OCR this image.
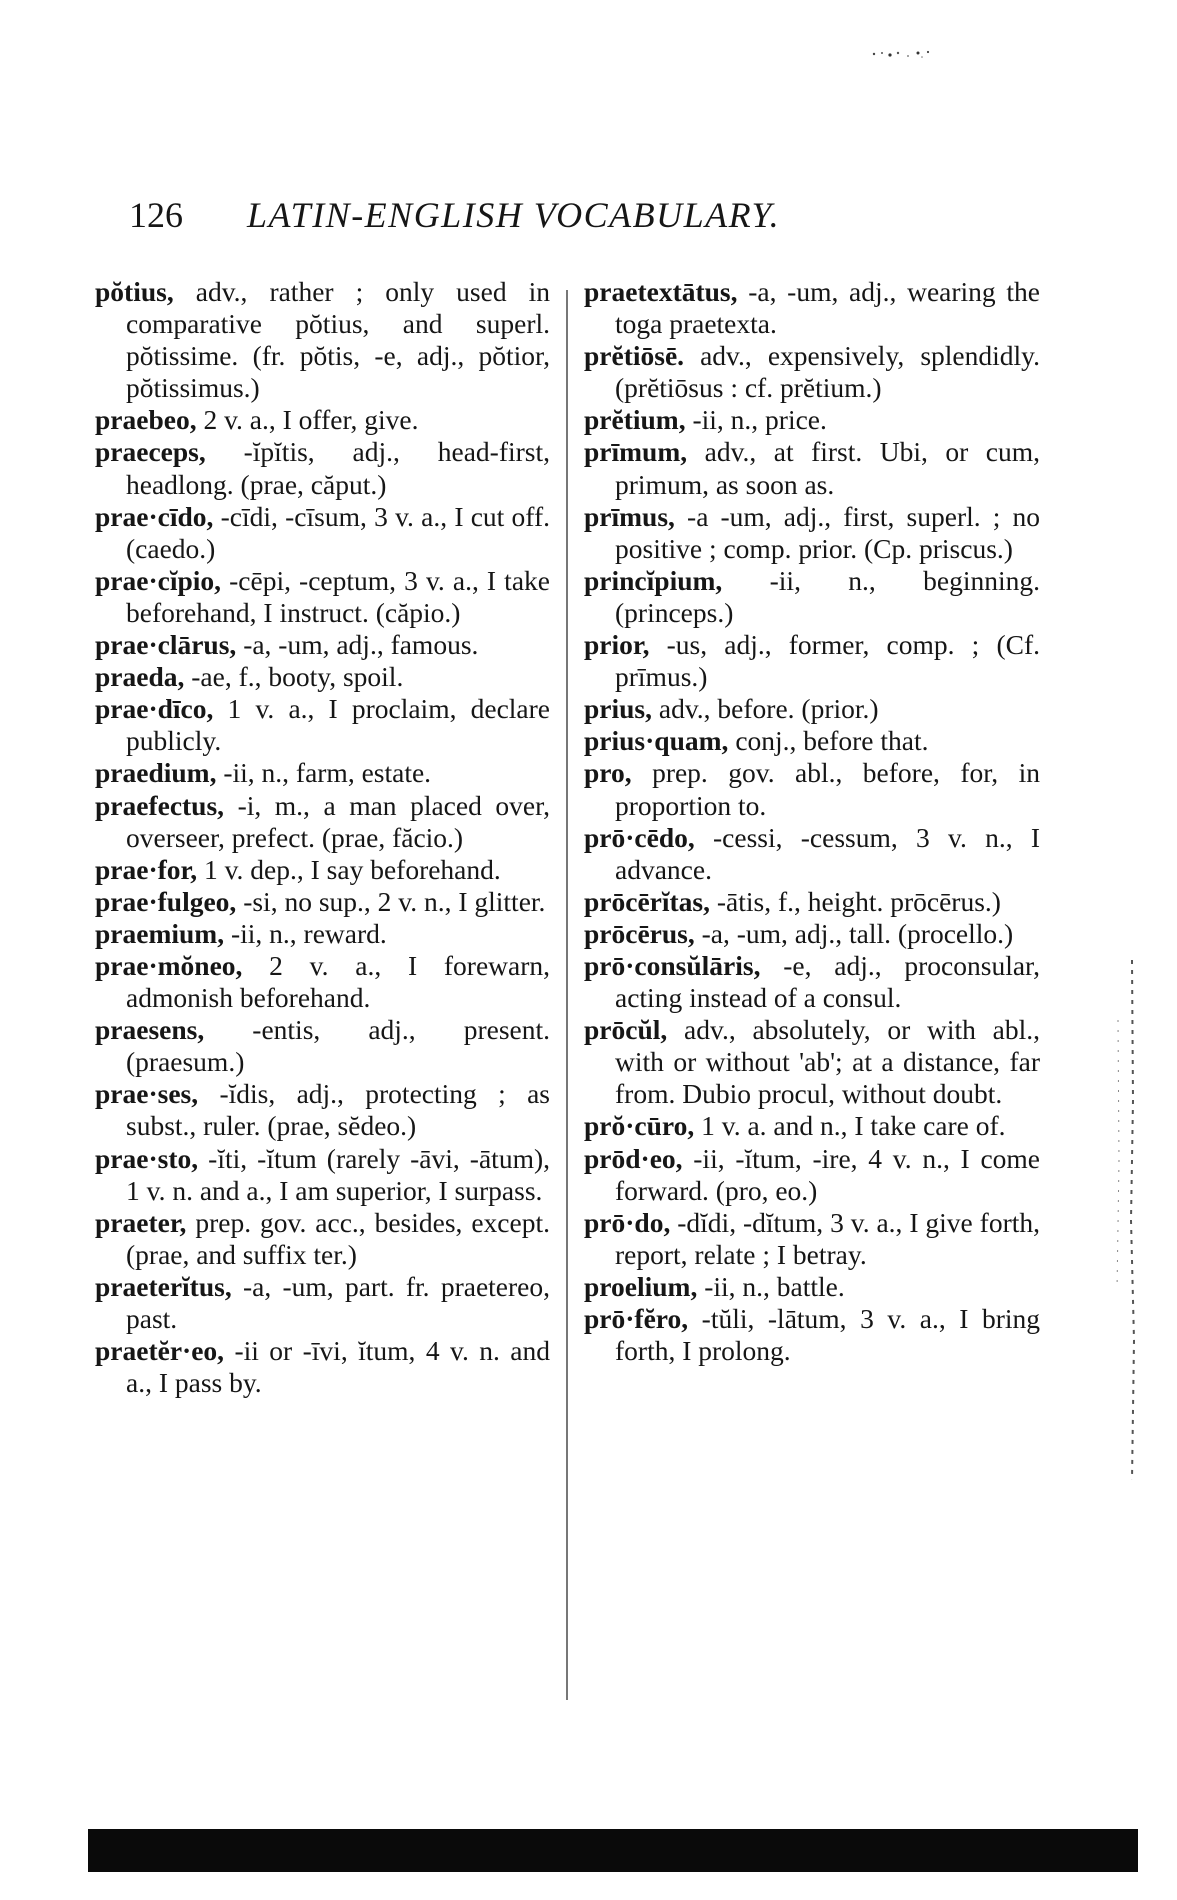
126 LATIN-ENGLISH VOCABULARY.

pŏtius, adv., rather ; only used in comparative pŏtius, and superl. pŏtissime. (fr. pŏtis, -e, adj., pŏtior, pŏtissimus.)

praebeo, 2 v. a., I offer, give.

praeceps, -ĭpĭtis, adj., head-first, headlong. (prae, căput.)

prae·cīdo, -cīdi, -cīsum, 3 v. a., I cut off. (caedo.)

prae·cĭpio, -cēpi, -ceptum, 3 v. a., I take beforehand, I instruct. (căpio.)

prae·clārus, -a, -um, adj., famous.

praeda, -ae, f., booty, spoil.

prae·dīco, 1 v. a., I proclaim, declare publicly.

praedium, -ii, n., farm, estate.

praefectus, -i, m., a man placed over, overseer, prefect. (prae, făcio.)

prae·for, 1 v. dep., I say beforehand.

prae·fulgeo, -si, no sup., 2 v. n., I glitter.

praemium, -ii, n., reward.

prae·mŏneo, 2 v. a., I forewarn, admonish beforehand.

praesens, -entis, adj., present. (praesum.)

prae·ses, -ĭdis, adj., protecting ; as subst., ruler. (prae, sĕdeo.)

prae·sto, -ĭti, -ĭtum (rarely -āvi, -ātum), 1 v. n. and a., I am superior, I surpass.

praeter, prep. gov. acc., besides, except. (prae, and suffix ter.)

praeterĭtus, -a, -um, part. fr. praetereo, past.

praetĕr·eo, -ii or -īvi, ĭtum, 4 v. n. and a., I pass by.

praetextātus, -a, -um, adj., wearing the toga praetexta.

prĕtiōsē. adv., expensively, splendidly. (prĕtiōsus : cf. prĕtium.)

prĕtium, -ii, n., price.

prīmum, adv., at first. Ubi, or cum, primum, as soon as.

prīmus, -a -um, adj., first, superl. ; no positive ; comp. prior. (Cp. priscus.)

princĭpium, -ii, n., beginning. (princeps.)

prior, -us, adj., former, comp. ; (Cf. prīmus.)

prius, adv., before. (prior.)

prius·quam, conj., before that.

pro, prep. gov. abl., before, for, in proportion to.

prō·cēdo, -cessi, -cessum, 3 v. n., I advance.

prōcērĭtas, -ātis, f., height. prōcērus.)

prōcērus, -a, -um, adj., tall. (procello.)

prō·consŭlāris, -e, adj., proconsular, acting instead of a consul.

prōcŭl, adv., absolutely, or with abl., with or without 'ab'; at a distance, far from. Dubio procul, without doubt.

prŏ·cūro, 1 v. a. and n., I take care of.

prōd·eo, -ii, -ĭtum, -ire, 4 v. n., I come forward. (pro, eo.)

prō·do, -dĭdi, -dĭtum, 3 v. a., I give forth, report, relate ; I betray.

proelium, -ii, n., battle.

prō·fĕro, -tŭli, -lātum, 3 v. a., I bring forth, I prolong.
